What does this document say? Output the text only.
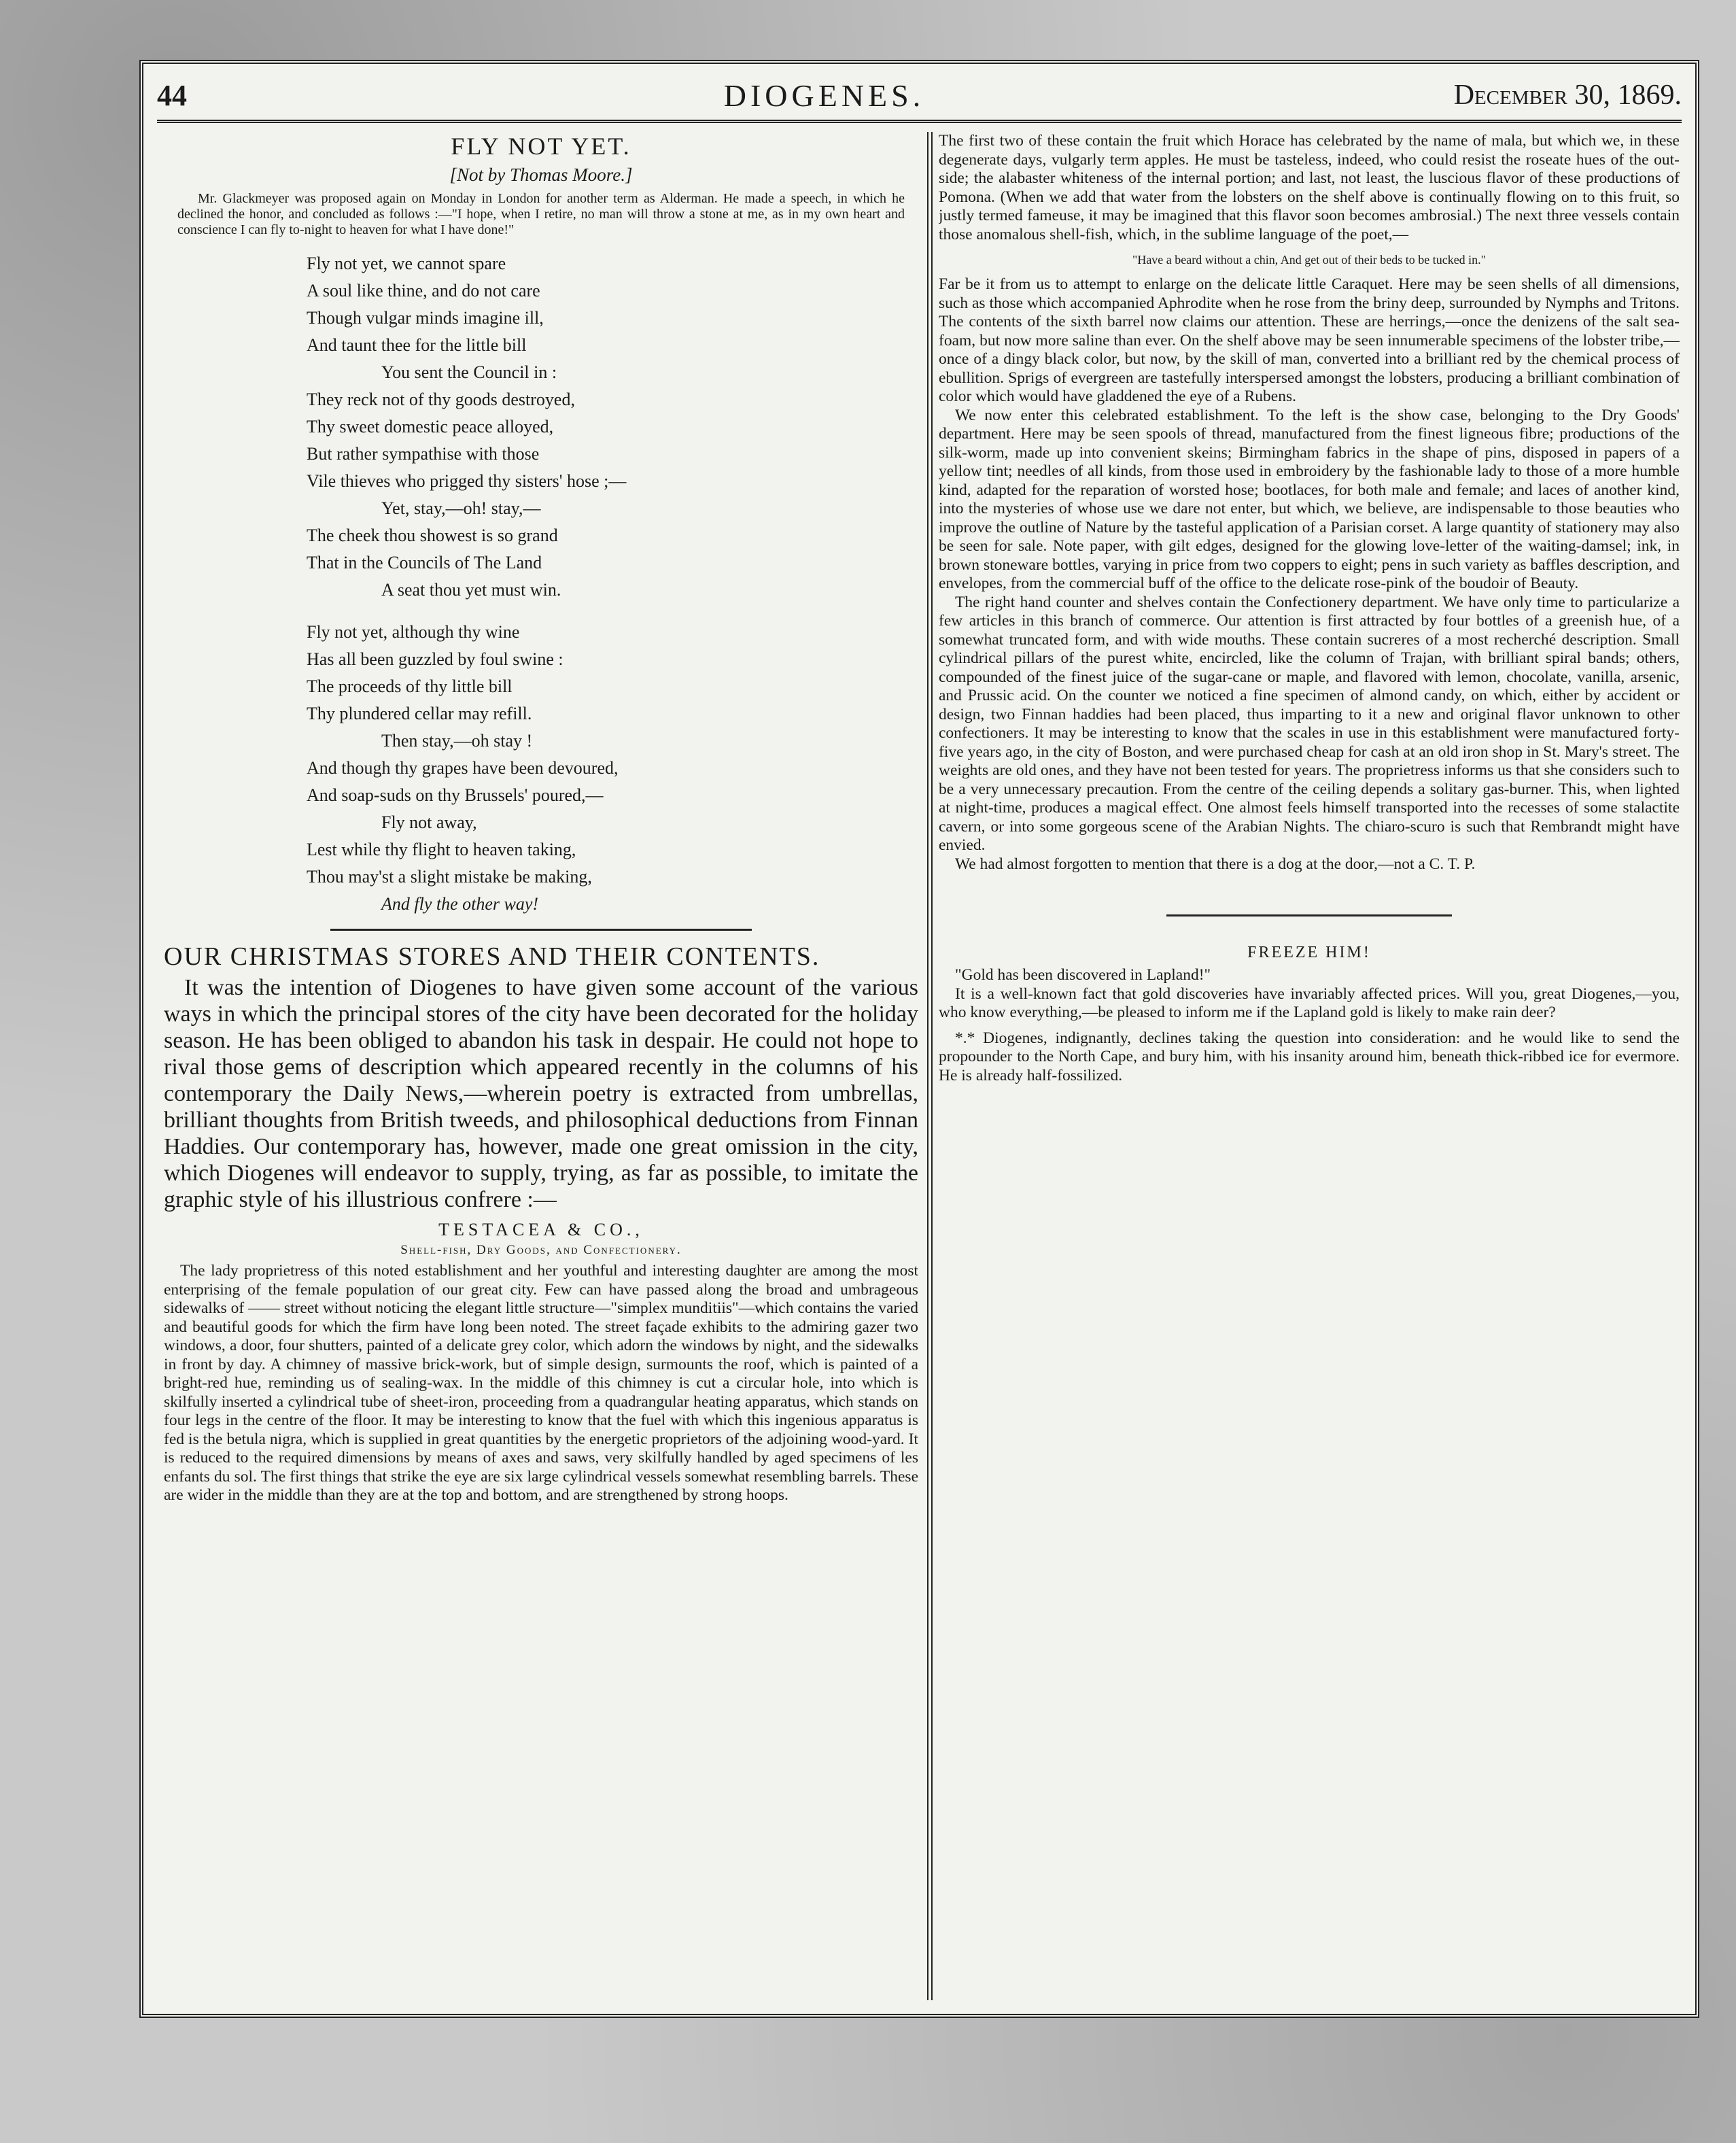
44	DIOGENES.	December 30, 1869.
FLY NOT YET.
[Not by Thomas Moore.]
Mr. Glackmeyer was proposed again on Monday in London for another term as Alderman. He made a speech, in which he declined the honor, and concluded as follows :—"I hope, when I retire, no man will throw a stone at me, as in my own heart and conscience I can fly to-night to heaven for what I have done!"
Fly not yet, we cannot spare
A soul like thine, and do not care
Though vulgar minds imagine ill,
And taunt thee for the little bill
You sent the Council in :
They reck not of thy goods destroyed,
Thy sweet domestic peace alloyed,
But rather sympathise with those
Vile thieves who prigged thy sisters' hose ;—
Yet, stay,—oh! stay,—
The cheek thou showest is so grand
That in the Councils of The Land
A seat thou yet must win.
Fly not yet, although thy wine
Has all been guzzled by foul swine :
The proceeds of thy little bill
Thy plundered cellar may refill.
Then stay,—oh stay !
And though thy grapes have been devoured,
And soap-suds on thy Brussels' poured,—
Fly not away,
Lest while thy flight to heaven taking,
Thou may'st a slight mistake be making,
And fly the other way!
OUR CHRISTMAS STORES AND THEIR CONTENTS.

It was the intention of Diogenes to have given some account of the various ways in which the principal stores of the city have been decorated for the holiday season. He has been obliged to abandon his task in despair. He could not hope to rival those gems of description which appeared recently in the columns of his contemporary the Daily News,—wherein poetry is extracted from umbrellas, brilliant thoughts from British tweeds, and philosophical deductions from Finnan Haddies. Our contemporary has, however, made one great omission in the city, which Diogenes will endeavor to supply, trying, as far as possible, to imitate the graphic style of his illustrious confrere :—

TESTACEA & CO.,
Shell-fish, Dry Goods, and Confectionery.

The lady proprietress of this noted establishment and her youthful and interesting daughter are among the most enterprising of the female population of our great city. Few can have passed along the broad and umbrageous sidewalks of —— street without noticing the elegant little structure—"simplex munditiis"—which contains the varied and beautiful goods for which the firm have long been noted. The street façade exhibits to the admiring gazer two windows, a door, four shutters, painted of a delicate grey color, which adorn the windows by night, and the sidewalks in front by day. A chimney of massive brick-work, but of simple design, surmounts the roof, which is painted of a bright-red hue, reminding us of sealing-wax. In the middle of this chimney is cut a circular hole, into which is skilfully inserted a cylindrical tube of sheet-iron, proceeding from a quadrangular heating apparatus, which stands on four legs in the centre of the floor. It may be interesting to know that the fuel with which this ingenious apparatus is fed is the betula nigra, which is supplied in great quantities by the energetic proprietors of the adjoining wood-yard. It is reduced to the required dimensions by means of axes and saws, very skilfully handled by aged specimens of les enfants du sol. The first things that strike the eye are six large cylindrical vessels somewhat resembling barrels. These are wider in the middle than they are at the top and bottom, and are strengthened by strong hoops.

The first two of these contain the fruit which Horace has celebrated by the name of mala, but which we, in these degenerate days, vulgarly term apples. He must be tasteless, indeed, who could resist the roseate hues of the out-side; the alabaster whiteness of the internal portion; and last, not least, the luscious flavor of these productions of Pomona. (When we add that water from the lobsters on the shelf above is continually flowing on to this fruit, so justly termed fameuse, it may be imagined that this flavor soon becomes ambrosial.) The next three vessels contain those anomalous shell-fish, which, in the sublime language of the poet,—

"Have a beard without a chin, And get out of their beds to be tucked in."

Far be it from us to attempt to enlarge on the delicate little Caraquet. Here may be seen shells of all dimensions, such as those which accompanied Aphrodite when he rose from the briny deep, surrounded by Nymphs and Tritons. The contents of the sixth barrel now claims our attention. These are herrings,—once the denizens of the salt sea-foam, but now more saline than ever. On the shelf above may be seen innumerable specimens of the lobster tribe,—once of a dingy black color, but now, by the skill of man, converted into a brilliant red by the chemical process of ebullition. Sprigs of evergreen are tastefully interspersed amongst the lobsters, producing a brilliant combination of color which would have gladdened the eye of a Rubens.

We now enter this celebrated establishment. To the left is the show case, belonging to the Dry Goods' department. Here may be seen spools of thread, manufactured from the finest ligneous fibre; productions of the silk-worm, made up into convenient skeins; Birmingham fabrics in the shape of pins, disposed in papers of a yellow tint; needles of all kinds, from those used in embroidery by the fashionable lady to those of a more humble kind, adapted for the reparation of worsted hose; bootlaces, for both male and female; and laces of another kind, into the mysteries of whose use we dare not enter, but which, we believe, are indispensable to those beauties who improve the outline of Nature by the tasteful application of a Parisian corset. A large quantity of stationery may also be seen for sale. Note paper, with gilt edges, designed for the glowing love-letter of the waiting-damsel; ink, in brown stoneware bottles, varying in price from two coppers to eight; pens in such variety as baffles description, and envelopes, from the commercial buff of the office to the delicate rose-pink of the boudoir of Beauty.

The right hand counter and shelves contain the Confectionery department. We have only time to particularize a few articles in this branch of commerce. Our attention is first attracted by four bottles of a greenish hue, of a somewhat truncated form, and with wide mouths. These contain sucreres of a most recherché description. Small cylindrical pillars of the purest white, encircled, like the column of Trajan, with brilliant spiral bands; others, compounded of the finest juice of the sugar-cane or maple, and flavored with lemon, chocolate, vanilla, arsenic, and Prussic acid. On the counter we noticed a fine specimen of almond candy, on which, either by accident or design, two Finnan haddies had been placed, thus imparting to it a new and original flavor unknown to other confectioners. It may be interesting to know that the scales in use in this establishment were manufactured forty-five years ago, in the city of Boston, and were purchased cheap for cash at an old iron shop in St. Mary's street. The weights are old ones, and they have not been tested for years. The proprietress informs us that she considers such to be a very unnecessary precaution. From the centre of the ceiling depends a solitary gas-burner. This, when lighted at night-time, produces a magical effect. One almost feels himself transported into the recesses of some stalactite cavern, or into some gorgeous scene of the Arabian Nights. The chiaro-scuro is such that Rembrandt might have envied.

We had almost forgotten to mention that there is a dog at the door,—not a C. T. P.

FREEZE HIM!

"Gold has been discovered in Lapland!"

It is a well-known fact that gold discoveries have invariably affected prices. Will you, great Diogenes,—you, who know everything,—be pleased to inform me if the Lapland gold is likely to make rain deer?

*.* Diogenes, indignantly, declines taking the question into consideration: and he would like to send the propounder to the North Cape, and bury him, with his insanity around him, beneath thick-ribbed ice for evermore. He is already half-fossilized.
